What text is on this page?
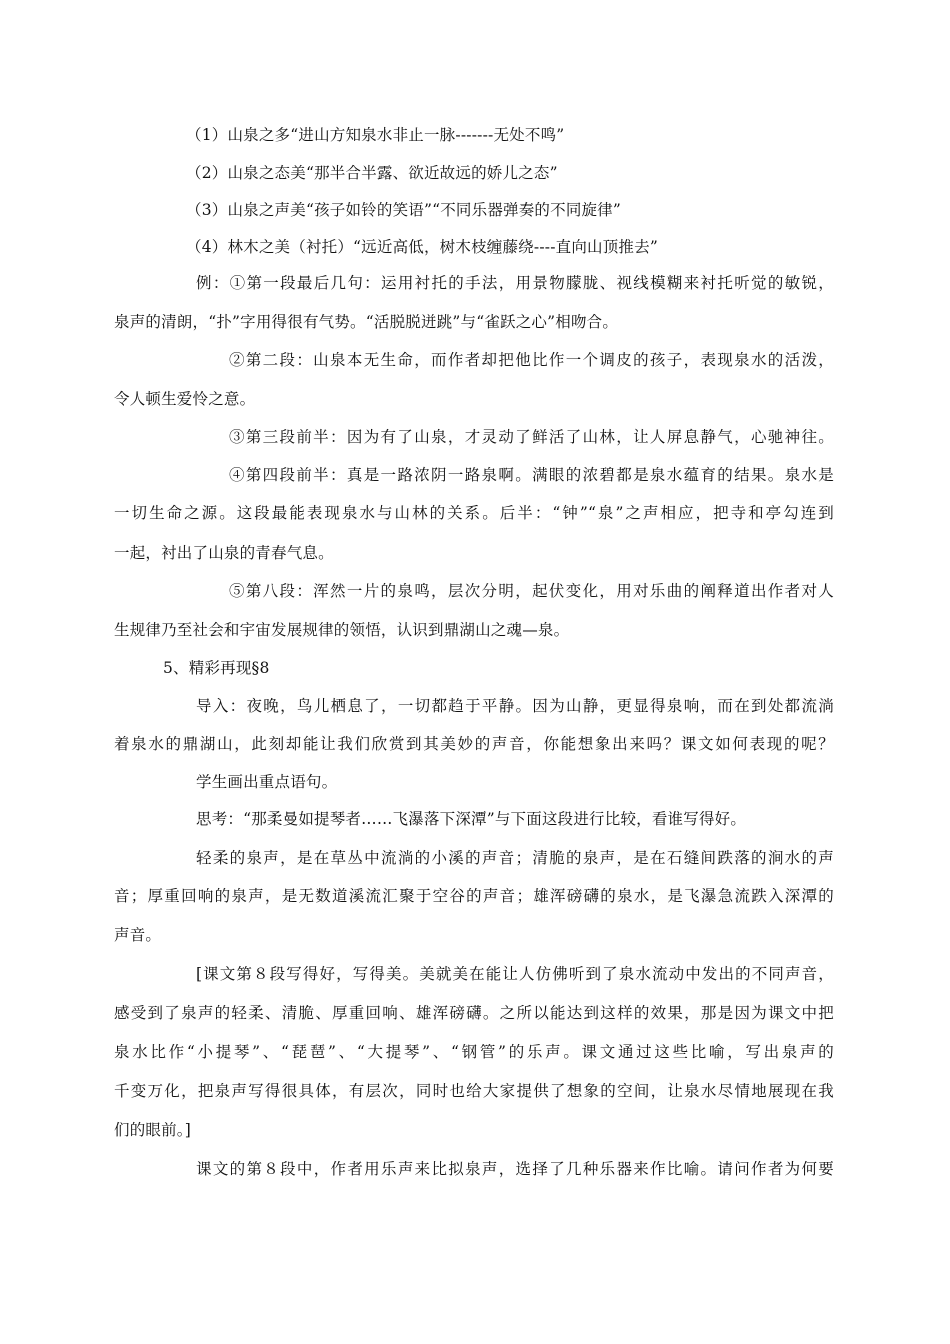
（1）山泉之多“进山方知泉水非止一脉-------无处不鸣”
（2）山泉之态美“那半合半露、欲近故远的娇儿之态”
（3）山泉之声美“孩子如铃的笑语”“不同乐器弹奏的不同旋律”
（4）林木之美（衬托）“远近高低，树木枝缠藤绕----直向山顶推去”
例：①第一段最后几句：运用衬托的手法，用景物朦胧、视线模糊来衬托听觉的敏锐，
泉声的清朗，“扑”字用得很有气势。“活脱脱迸跳”与“雀跃之心”相吻合。
②第二段：山泉本无生命，而作者却把他比作一个调皮的孩子，表现泉水的活泼，
令人顿生爱怜之意。
③第三段前半：因为有了山泉，才灵动了鲜活了山林，让人屏息静气，心驰神往。
④第四段前半：真是一路浓阴一路泉啊。满眼的浓碧都是泉水蕴育的结果。泉水是
一切生命之源。这段最能表现泉水与山林的关系。后半：“钟”“泉”之声相应，把寺和亭勾连到
一起，衬出了山泉的青春气息。
⑤第八段：浑然一片的泉鸣，层次分明，起伏变化，用对乐曲的阐释道出作者对人
生规律乃至社会和宇宙发展规律的领悟，认识到鼎湖山之魂—泉。
5、精彩再现§8
导入：夜晚，鸟儿栖息了，一切都趋于平静。因为山静，更显得泉响，而在到处都流淌
着泉水的鼎湖山，此刻却能让我们欣赏到其美妙的声音，你能想象出来吗？课文如何表现的呢？
学生画出重点语句。
思考：“那柔曼如提琴者……飞瀑落下深潭”与下面这段进行比较，看谁写得好。
轻柔的泉声，是在草丛中流淌的小溪的声音；清脆的泉声，是在石缝间跌落的涧水的声
音；厚重回响的泉声，是无数道溪流汇聚于空谷的声音；雄浑磅礴的泉水，是飞瀑急流跌入深潭的
声音。
[课文第８段写得好，写得美。美就美在能让人仿佛听到了泉水流动中发出的不同声音，
感受到了泉声的轻柔、清脆、厚重回响、雄浑磅礴。之所以能达到这样的效果，那是因为课文中把
泉水比作“小提琴”、“琵琶”、“大提琴”、“钢管”的乐声。课文通过这些比喻，写出泉声的
千变万化，把泉声写得很具体，有层次，同时也给大家提供了想象的空间，让泉水尽情地展现在我
们的眼前。]
课文的第８段中，作者用乐声来比拟泉声，选择了几种乐器来作比喻。请问作者为何要
